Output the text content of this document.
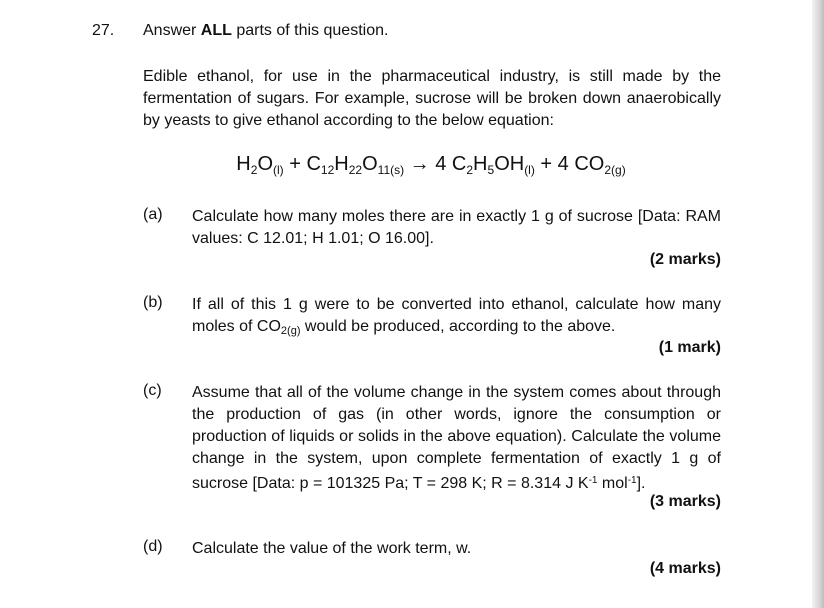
27. Answer ALL parts of this question.
Edible ethanol, for use in the pharmaceutical industry, is still made by the fermentation of sugars. For example, sucrose will be broken down anaerobically by yeasts to give ethanol according to the below equation:
$H_2O_{(l)} + C_{12}H_{22}O_{11(s)} \to 4$ $C_2H_5OH_{(l)} + 4$ $CO_{2(g)}$
(a) Calculate how many moles there are in exactly 1 g of sucrose [Data: RAM values: C 12.01; H 1.01; O 16.00].
(2 marks)
(b) If all of this 1 g were to be converted into ethanol, calculate how many moles of $CO_{2(g)}$ would be produced, according to the above.
(1 mark)
(c) Assume that all of the volume change in the system comes about through the production of gas (in other words, ignore the consumption or production of liquids or solids in the above equation). Calculate the volume change in the system, upon complete fermentation of exactly 1 g of sucrose [Data: p = 101325 Pa; T = 298 K; R = 8.314 J $K^{-1}$ mol$^{-1}$].
(3 marks)
(d) Calculate the value of the work term, w.
(4 marks)
